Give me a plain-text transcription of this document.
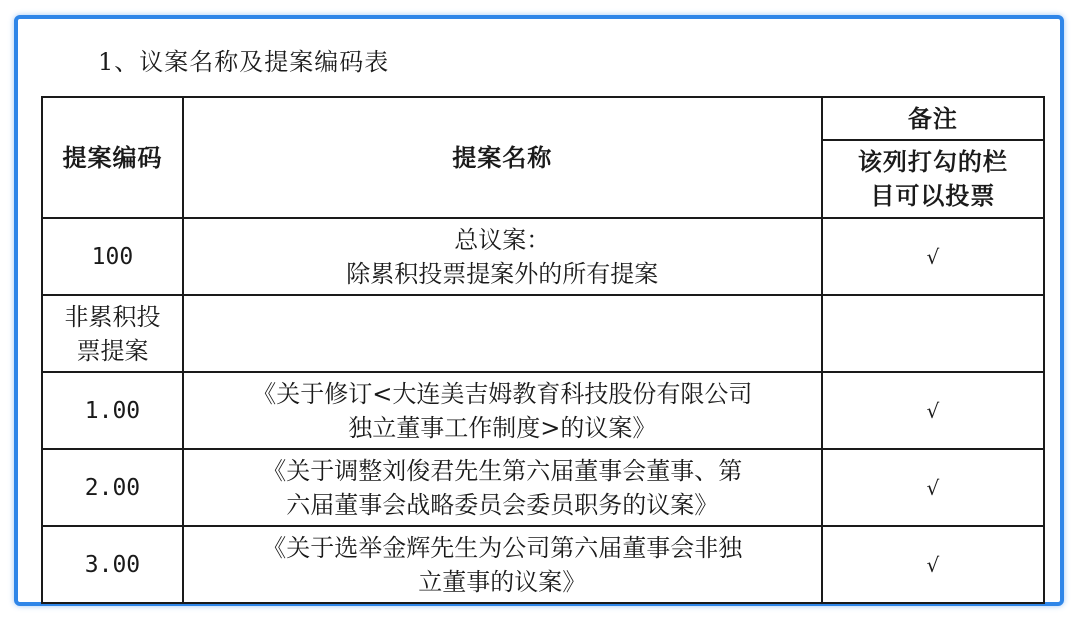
1、议案名称及提案编码表
提案编码	提案名称	备注

		该列打勾的栏
目可以投票

100	总议案：
除累积投票提案外的所有提案	√

非累积投
票提案		

1.00	《关于修订<大连美吉姆教育科技股份有限公司
独立董事工作制度>的议案》	√
2.00	《关于调整刘俊君先生第六届董事会董事、第
六届董事会战略委员会委员职务的议案》	√
3.00	《关于选举金辉先生为公司第六届董事会非独
立董事的议案》	√
